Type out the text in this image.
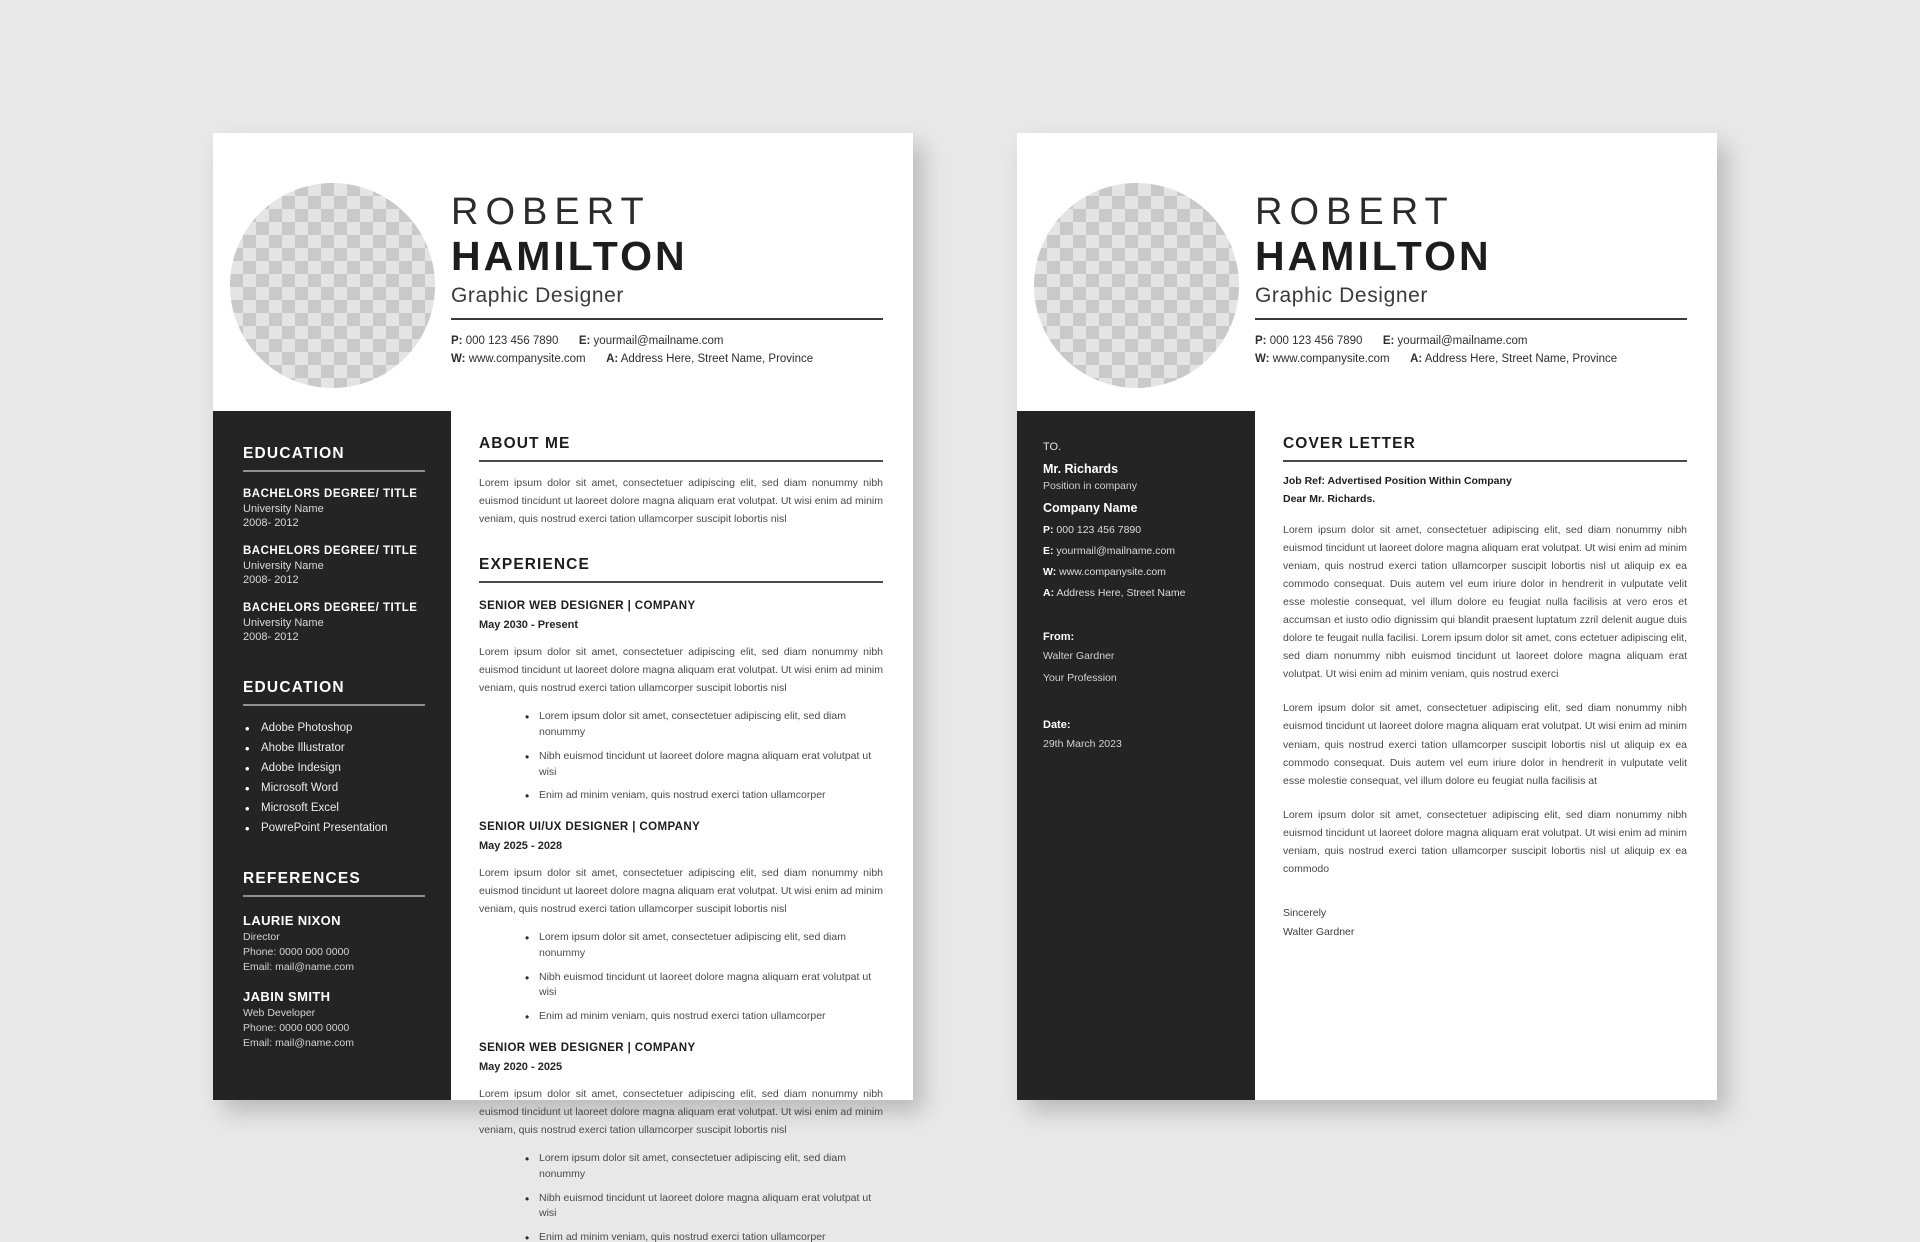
ROBERT
HAMILTON
Graphic Designer
P: 000 123 456 7890 E: yourmail@mailname.com
W: www.companysite.com A: Address Here, Street Name, Province
EDUCATION
BACHELORS DEGREE/ TITLE
University Name
2008- 2012
BACHELORS DEGREE/ TITLE
University Name
2008- 2012
BACHELORS DEGREE/ TITLE
University Name
2008- 2012
EDUCATION
• Adobe Photoshop
• Ahobe Illustrator
• Adobe Indesign
• Microsoft Word
• Microsoft Excel
• PowrePoint Presentation
REFERENCES
LAURIE NIXON
Director
Phone: 0000 000 0000
Email: mail@name.com
JABIN SMITH
Web Developer
Phone: 0000 000 0000
Email: mail@name.com
ABOUT ME
Lorem ipsum dolor sit amet, consectetuer adipiscing elit, sed diam nonummy nibh euismod tincidunt ut laoreet dolore magna aliquam erat volutpat. Ut wisi enim ad minim veniam, quis nostrud exerci tation ullamcorper suscipit lobortis nisl
EXPERIENCE
SENIOR WEB DESIGNER | COMPANY
May 2030 - Present
Lorem ipsum dolor sit amet, consectetuer adipiscing elit, sed diam nonummy nibh euismod tincidunt ut laoreet dolore magna aliquam erat volutpat. Ut wisi enim ad minim veniam, quis nostrud exerci tation ullamcorper suscipit lobortis nisl
• Lorem ipsum dolor sit amet, consectetuer adipiscing elit, sed diam nonummy
• Nibh euismod tincidunt ut laoreet dolore magna aliquam erat volutpat ut wisi
• Enim ad minim veniam, quis nostrud exerci tation ullamcorper
SENIOR UI/UX DESIGNER | COMPANY
May 2025 - 2028
Lorem ipsum dolor sit amet, consectetuer adipiscing elit, sed diam nonummy nibh euismod tincidunt ut laoreet dolore magna aliquam erat volutpat. Ut wisi enim ad minim veniam, quis nostrud exerci tation ullamcorper suscipit lobortis nisl
• Lorem ipsum dolor sit amet, consectetuer adipiscing elit, sed diam nonummy
• Nibh euismod tincidunt ut laoreet dolore magna aliquam erat volutpat ut wisi
• Enim ad minim veniam, quis nostrud exerci tation ullamcorper
SENIOR WEB DESIGNER | COMPANY
May 2020 - 2025
Lorem ipsum dolor sit amet, consectetuer adipiscing elit, sed diam nonummy nibh euismod tincidunt ut laoreet dolore magna aliquam erat volutpat. Ut wisi enim ad minim veniam, quis nostrud exerci tation ullamcorper suscipit lobortis nisl
• Lorem ipsum dolor sit amet, consectetuer adipiscing elit, sed diam nonummy
• Nibh euismod tincidunt ut laoreet dolore magna aliquam erat volutpat ut wisi
• Enim ad minim veniam, quis nostrud exerci tation ullamcorper
ROBERT
HAMILTON
Graphic Designer
P: 000 123 456 7890 E: yourmail@mailname.com
W: www.companysite.com A: Address Here, Street Name, Province
TO.
Mr. Richards
Position in company
Company Name
P: 000 123 456 7890
E: yourmail@mailname.com
W: www.companysite.com
A: Address Here, Street Name
From:
Walter Gardner
Your Profession
Date:
29th March 2023
COVER LETTER
Job Ref: Advertised Position Within Company
Dear Mr. Richards.
Lorem ipsum dolor sit amet, consectetuer adipiscing elit, sed diam nonummy nibh euismod tincidunt ut laoreet dolore magna aliquam erat volutpat. Ut wisi enim ad minim veniam, quis nostrud exerci tation ullamcorper suscipit lobortis nisl ut aliquip ex ea commodo consequat. Duis autem vel eum iriure dolor in hendrerit in vulputate velit esse molestie consequat, vel illum dolore eu feugiat nulla facilisis at vero eros et accumsan et iusto odio dignissim qui blandit praesent luptatum zzril delenit augue duis dolore te feugait nulla facilisi. Lorem ipsum dolor sit amet, cons ectetuer adipiscing elit, sed diam nonummy nibh euismod tincidunt ut laoreet dolore magna aliquam erat volutpat. Ut wisi enim ad minim veniam, quis nostrud exerci
Lorem ipsum dolor sit amet, consectetuer adipiscing elit, sed diam nonummy nibh euismod tincidunt ut laoreet dolore magna aliquam erat volutpat. Ut wisi enim ad minim veniam, quis nostrud exerci tation ullamcorper suscipit lobortis nisl ut aliquip ex ea commodo consequat. Duis autem vel eum iriure dolor in hendrerit in vulputate velit esse molestie consequat, vel illum dolore eu feugiat nulla facilisis at
Lorem ipsum dolor sit amet, consectetuer adipiscing elit, sed diam nonummy nibh euismod tincidunt ut laoreet dolore magna aliquam erat volutpat. Ut wisi enim ad minim veniam, quis nostrud exerci tation ullamcorper suscipit lobortis nisl ut aliquip ex ea commodo
Sincerely
Walter Gardner
